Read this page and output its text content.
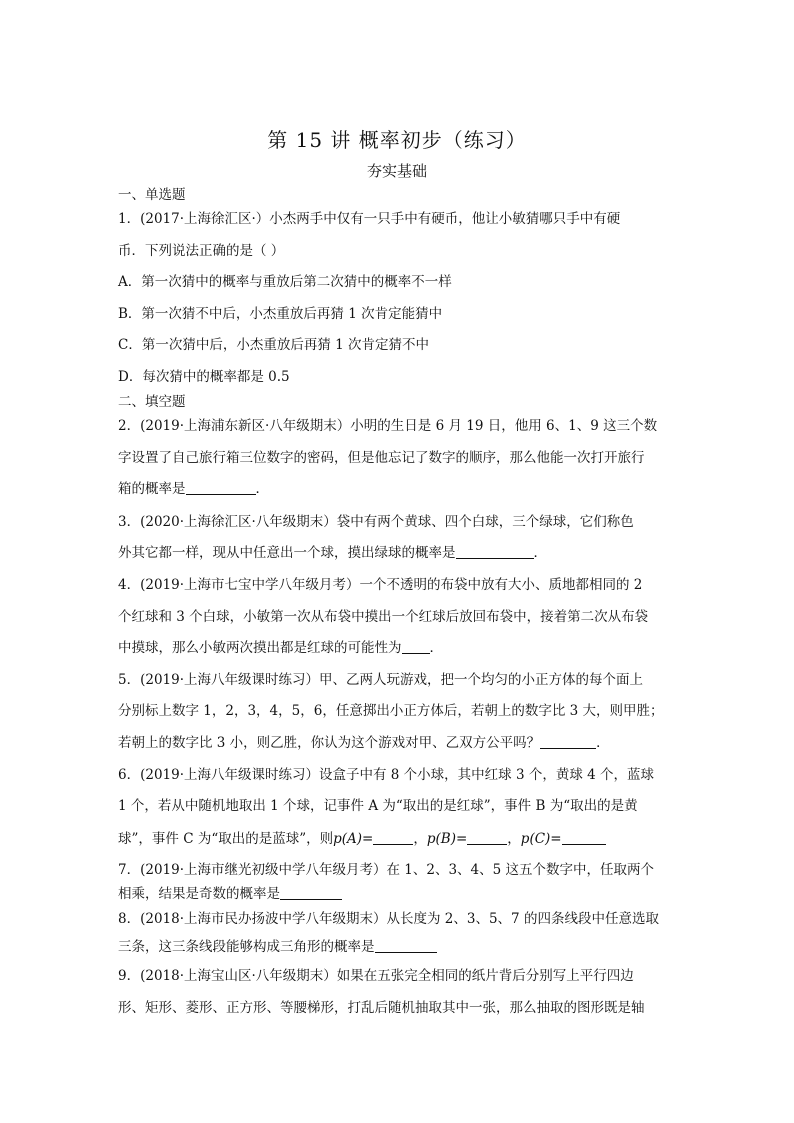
第 15 讲 概率初步（练习）
夯实基础
一、单选题
1．(2017·上海徐汇区·）小杰两手中仅有一只手中有硬币，他让小敏猜哪只手中有硬
币．下列说法正确的是（ ）
A．第一次猜中的概率与重放后第二次猜中的概率不一样
B．第一次猜不中后，小杰重放后再猜 1 次肯定能猜中
C．第一次猜中后，小杰重放后再猜 1 次肯定猜不中
D．每次猜中的概率都是 0.5
二、填空题
2．(2019·上海浦东新区·八年级期末）小明的生日是 6 月 19 日，他用 6、1、9 这三个数
字设置了自己旅行箱三位数字的密码，但是他忘记了数字的顺序，那么他能一次打开旅行
箱的概率是	．
3．(2020·上海徐汇区·八年级期末）袋中有两个黄球、四个白球，三个绿球，它们称色
外其它都一样，现从中任意出一个球，摸出绿球的概率是	．
4．(2019·上海市七宝中学八年级月考）一个不透明的布袋中放有大小、质地都相同的 2
个红球和 3 个白球，小敏第一次从布袋中摸出一个红球后放回布袋中，接着第二次从布袋
中摸球，那么小敏两次摸出都是红球的可能性为 ．
5．(2019·上海八年级课时练习）甲、乙两人玩游戏，把一个均匀的小正方体的每个面上
分别标上数字 1，2，3，4，5，6，任意掷出小正方体后，若朝上的数字比 3 大，则甲胜；
若朝上的数字比 3 小，则乙胜，你认为这个游戏对甲、乙双方公平吗？	．
6．(2019·上海八年级课时练习）设盒子中有 8 个小球，其中红球 3 个，黄球 4 个，蓝球
1 个，若从中随机地取出 1 个球，记事件 A 为“取出的是红球”，事件 B 为“取出的是黄
球”，事件 C 为“取出的是蓝球”，则p(A)=	，p(B)=	，p(C)=
7．(2019·上海市继光初级中学八年级月考）在 1、2、3、4、5 这五个数字中，任取两个
相乘，结果是奇数的概率是
8．(2018·上海市民办扬波中学八年级期末）从长度为 2、3、5、7 的四条线段中任意选取
三条，这三条线段能够构成三角形的概率是
9．(2018·上海宝山区·八年级期末）如果在五张完全相同的纸片背后分别写上平行四边
形、矩形、菱形、正方形、等腰梯形，打乱后随机抽取其中一张，那么抽取的图形既是轴
